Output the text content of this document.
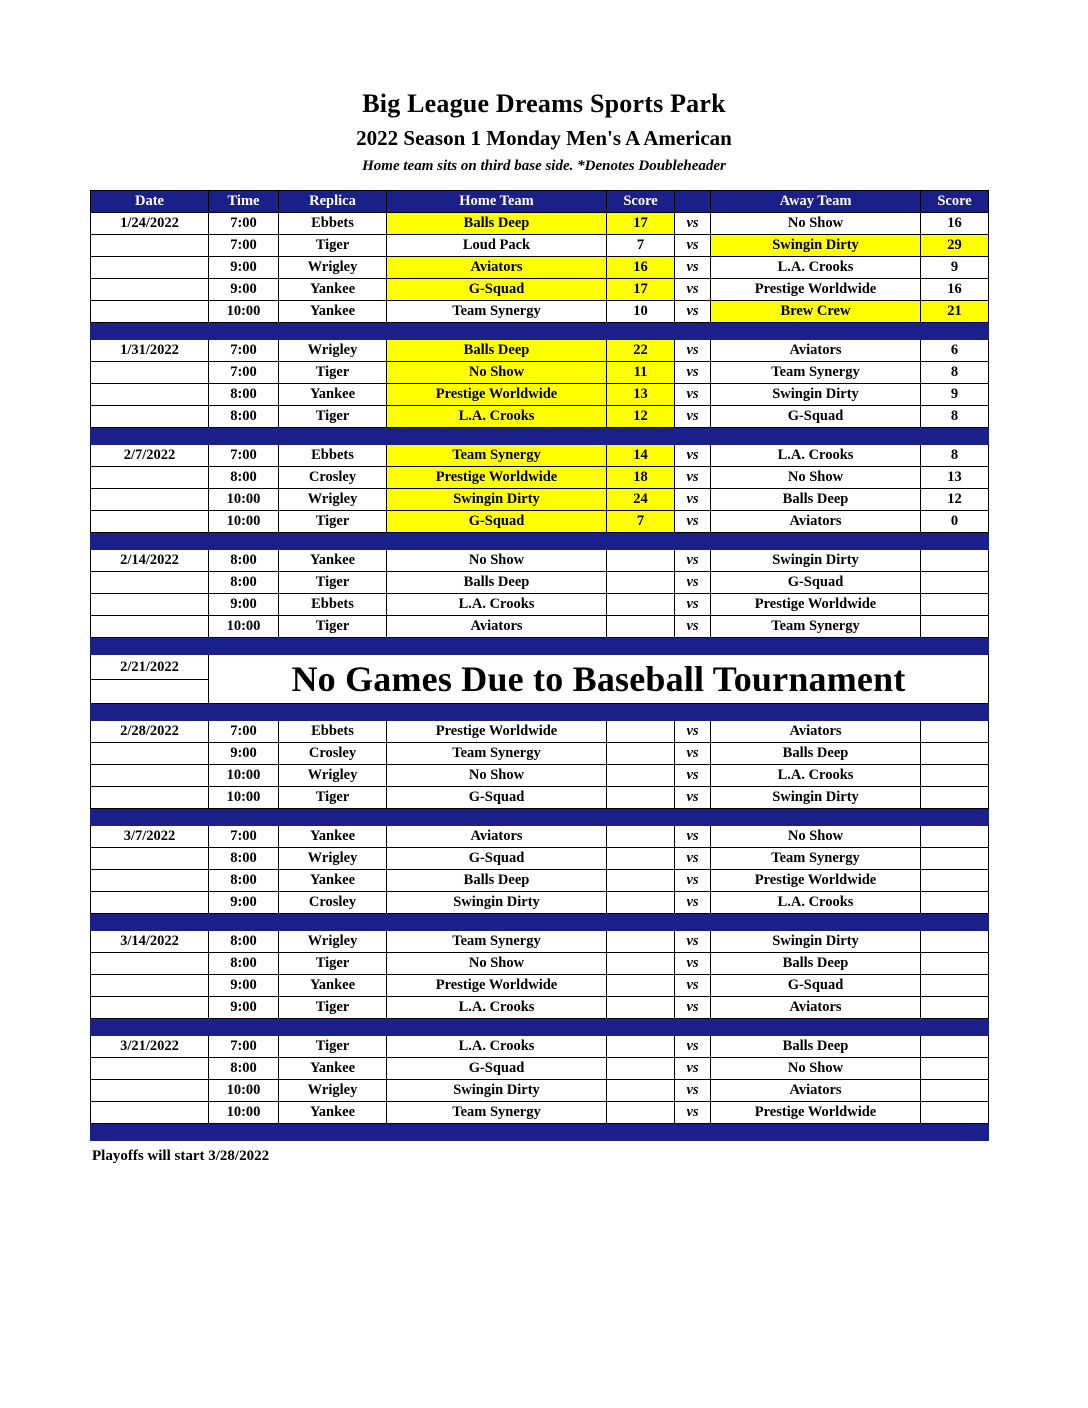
Big League Dreams Sports Park
2022 Season 1 Monday Men's A American
Home team sits on third base side. *Denotes Doubleheader
Date	Time	Replica	Home Team	Score		Away Team	Score
1/24/2022	7:00	Ebbets	Balls Deep	17	vs	No Show	16
	7:00	Tiger	Loud Pack	7	vs	Swingin Dirty	29
	9:00	Wrigley	Aviators	16	vs	L.A. Crooks	9
	9:00	Yankee	G-Squad	17	vs	Prestige Worldwide	16
	10:00	Yankee	Team Synergy	10	vs	Brew Crew	21

1/31/2022	7:00	Wrigley	Balls Deep	22	vs	Aviators	6
	7:00	Tiger	No Show	11	vs	Team Synergy	8
	8:00	Yankee	Prestige Worldwide	13	vs	Swingin Dirty	9
	8:00	Tiger	L.A. Crooks	12	vs	G-Squad	8

2/7/2022	7:00	Ebbets	Team Synergy	14	vs	L.A. Crooks	8
	8:00	Crosley	Prestige Worldwide	18	vs	No Show	13
	10:00	Wrigley	Swingin Dirty	24	vs	Balls Deep	12
	10:00	Tiger	G-Squad	7	vs	Aviators	0

2/14/2022	8:00	Yankee	No Show		vs	Swingin Dirty	
	8:00	Tiger	Balls Deep		vs	G-Squad	
	9:00	Ebbets	L.A. Crooks		vs	Prestige Worldwide	
	10:00	Tiger	Aviators		vs	Team Synergy	

2/21/2022	No Games Due to Baseball Tournament						

2/28/2022	7:00	Ebbets	Prestige Worldwide		vs	Aviators	
	9:00	Crosley	Team Synergy		vs	Balls Deep	
	10:00	Wrigley	No Show		vs	L.A. Crooks	
	10:00	Tiger	G-Squad		vs	Swingin Dirty	

3/7/2022	7:00	Yankee	Aviators		vs	No Show	
	8:00	Wrigley	G-Squad		vs	Team Synergy	
	8:00	Yankee	Balls Deep		vs	Prestige Worldwide	
	9:00	Crosley	Swingin Dirty		vs	L.A. Crooks	

3/14/2022	8:00	Wrigley	Team Synergy		vs	Swingin Dirty	
	8:00	Tiger	No Show		vs	Balls Deep	
	9:00	Yankee	Prestige Worldwide		vs	G-Squad	
	9:00	Tiger	L.A. Crooks		vs	Aviators	

3/21/2022	7:00	Tiger	L.A. Crooks		vs	Balls Deep	
	8:00	Yankee	G-Squad		vs	No Show	
	10:00	Wrigley	Swingin Dirty		vs	Aviators	
	10:00	Yankee	Team Synergy		vs	Prestige Worldwide	

Playoffs will start 3/28/2022
